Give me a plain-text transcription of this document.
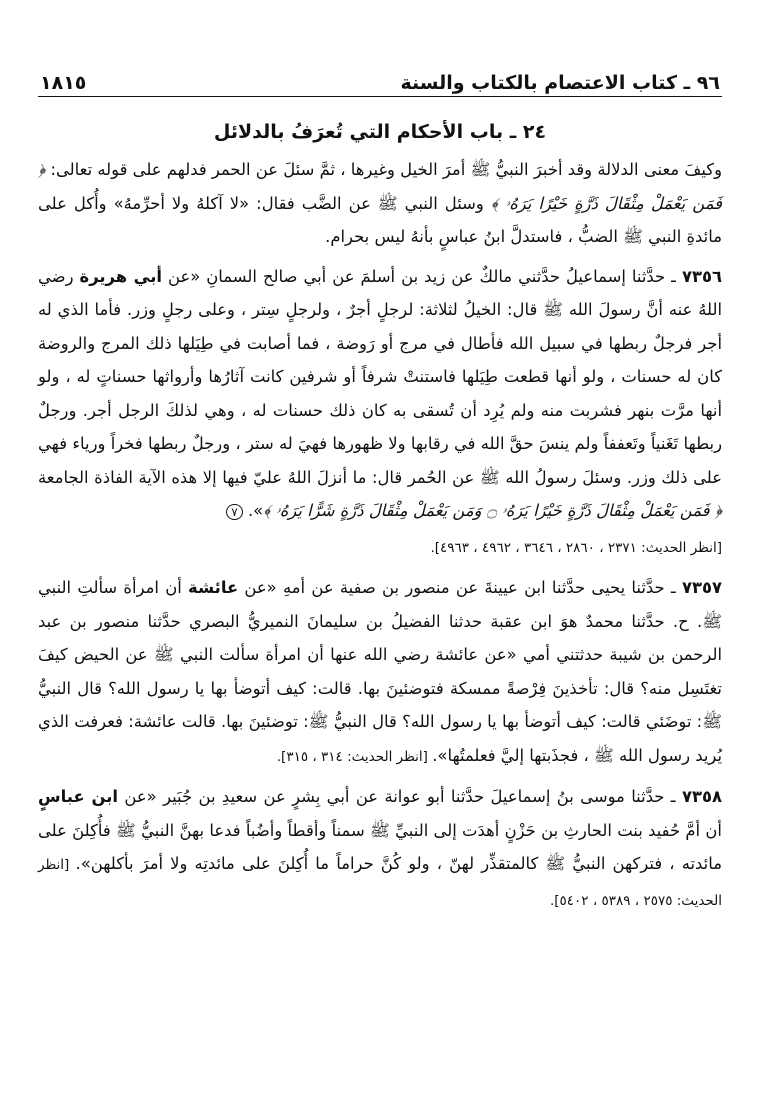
٩٦ ـ كتاب الاعتصام بالكتاب والسنة
١٨١٥
٢٤ ـ باب الأحكام التي تُعرَفُ بالدلائل

وكيفَ معنى الدلالة وقد أخبرَ النبيُّ ﷺ أمرَ الخيل وغيرها ، ثمَّ سئلَ عن الحمر فدلهم على قوله تعالى: ﴿ فَمَن يَعْمَلْ مِثْقَالَ ذَرَّةٍ خَيْرًا يَرَهُۥ ﴾ وسئل النبي ﷺ عن الضَّب فقال: «لا آكلهُ ولا أحرِّمهُ» وأُكل على مائدةِ النبي ﷺ الضبُّ ، فاستدلَّ ابنُ عباسٍ بأنهُ ليس بحرام.

٧٣٥٦ ـ حدَّثنا إسماعيلُ حدَّثني مالكٌ عن زيد بن أسلمَ عن أبي صالح السمانِ «عن أبي هريرة رضي اللهُ عنه أنَّ رسولَ الله ﷺ قال: الخيلُ لثلاثة: لرجلٍ أجرٌ ، ولرجلٍ سِتر ، وعلى رجلٍ وزر. فأما الذي له أجر فرجلٌ ربطها في سبيل الله فأطال في مرج أو رَوضة ، فما أصابت في طِيَلها ذلك المرج والروضة كان له حسنات ، ولو أنها قطعت طِيَلها فاستنتْ شرفاً أو شرفين كانت آثارُها وأرواثها حسناتٍ له ، ولو أنها مرَّت بنهر فشربت منه ولم يُرِد أن تُسقى به كان ذلك حسنات له ، وهي لذلكَ الرجل أجر. ورجلٌ ربطها تَغَنياً وتَعففاً ولم ينسَ حقَّ الله في رقابها ولا ظهورها فهيَ له ستر ، ورجلٌ ربطها فخراً ورياء فهي على ذلك وزر. وسئلَ رسولُ الله ﷺ عن الحُمر قال: ما أنزلَ اللهُ عليّ فيها إلا هذه الآية الفاذة الجامعة ﴿ فَمَن يَعْمَلْ مِثْقَالَ ذَرَّةٍ خَيْرًا يَرَهُۥ ۝ وَمَن يَعْمَلْ مِثْقَالَ ذَرَّةٍ شَرًّا يَرَهُۥ ﴾». ٧

[انظر الحديث: ٢٣٧١ ، ٢٨٦٠ ، ٣٦٤٦ ، ٤٩٦٢ ، ٤٩٦٣].

٧٣٥٧ ـ حدَّثنا يحيى حدَّثنا ابن عيينةَ عن منصور بن صفية عن أمهِ «عن عائشة أن امرأة سألتِ النبي ﷺ. ح. حدَّثنا محمدٌ هوَ ابن عقبة حدثنا الفضيلُ بن سليمانَ النميريُّ البصري حدَّثنا منصور بن عبد الرحمن بن شيبة حدثتني أمي «عن عائشة رضي الله عنها أن امرأة سألت النبي ﷺ عن الحيض كيفَ تغتَسِل منه؟ قال: تأخذينَ فِرْصةً ممسكة فتوضئينَ بها. قالت: كيف أتوضأ بها يا رسول الله؟ قال النبيُّ ﷺ: توضَئي قالت: كيف أتوضأ بها يا رسول الله؟ قال النبيُّ ﷺ: توضئينَ بها. قالت عائشة: فعرفت الذي يُريد رسول الله ﷺ ، فجذَبتها إليَّ فعلمتُها». [انظر الحديث: ٣١٤ ، ٣١٥].

٧٣٥٨ ـ حدَّثنا موسى بنُ إسماعيلَ حدَّثنا أبو عوانة عن أبي بِشرٍ عن سعيدِ بن جُبَير «عن ابن عباسٍ أن أمَّ حُفيد بنت الحارثِ بن حَزْنٍ أهدَت إلى النبيِّ ﷺ سمناً وأقطاً وأضُباً فدعا بهنَّ النبيُّ ﷺ فأُكِلنَ على مائدته ، فتركهن النبيُّ ﷺ كالمتقذِّر لهنّ ، ولو كُنَّ حراماً ما أُكِلنَ على مائدتِه ولا أمرَ بأكلهن». [انظر الحديث: ٢٥٧٥ ، ٥٣٨٩ ، ٥٤٠٢].
